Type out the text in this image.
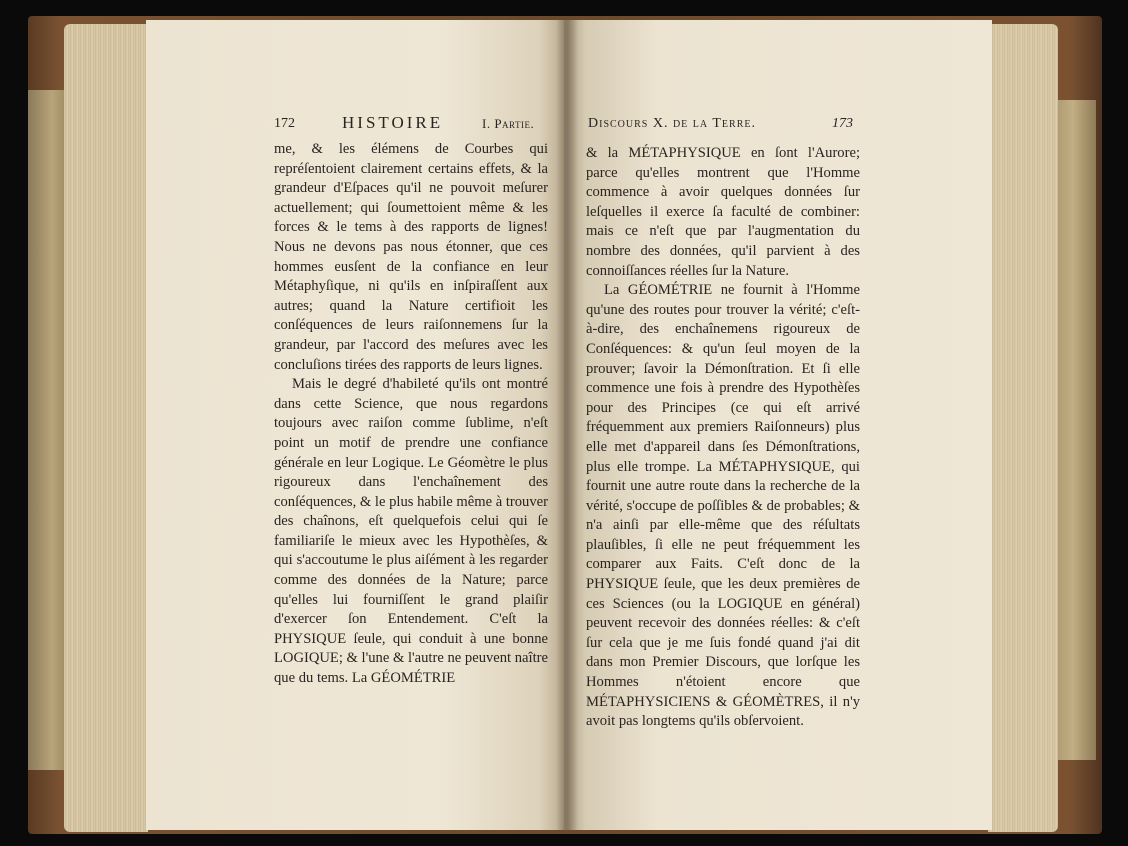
172	HISTOIRE	I. Partie.

me, & les élémens de Courbes qui repréſentoient clairement certains effets, & la grandeur d'Eſpaces qu'il ne pouvoit meſurer actuellement; qui ſoumettoient même & les forces & le tems à des rapports de lignes! Nous ne devons pas nous étonner, que ces hommes eusſent de la confiance en leur Métaphyſique, ni qu'ils en inſpiraſſent aux autres; quand la Nature certifioit les conſéquences de leurs raiſonnemens ſur la grandeur, par l'accord des meſures avec les concluſions tirées des rapports de leurs lignes.

Mais le degré d'habileté qu'ils ont montré dans cette Science, que nous regardons toujours avec raiſon comme ſublime, n'eſt point un motif de prendre une confiance générale en leur Logique. Le Géomètre le plus rigoureux dans l'enchaînement des conſéquences, & le plus habile même à trouver des chaînons, eſt quelquefois celui qui ſe familiariſe le mieux avec les Hypothèſes, & qui s'accoutume le plus aiſément à les regarder comme des données de la Nature; parce qu'elles lui fourniſſent le grand plaiſir d'exercer ſon Entendement. C'eſt la PHYSIQUE ſeule, qui conduit à une bonne LOGIQUE; & l'une & l'autre ne peuvent naître que du tems. La GÉOMÉTRIE

Discours X. de la Terre.	173

& la MÉTAPHYSIQUE en ſont l'Aurore; parce qu'elles montrent que l'Homme commence à avoir quelques données ſur leſquelles il exerce ſa faculté de combiner: mais ce n'eſt que par l'augmentation du nombre des données, qu'il parvient à des connoiſſances réelles ſur la Nature.

La GÉOMÉTRIE ne fournit à l'Homme qu'une des routes pour trouver la vérité; c'eſt-à-dire, des enchaînemens rigoureux de Conſéquences: & qu'un ſeul moyen de la prouver; ſavoir la Démonſtration. Et ſi elle commence une fois à prendre des Hypothèſes pour des Principes (ce qui eſt arrivé fréquemment aux premiers Raiſonneurs) plus elle met d'appareil dans ſes Démonſtrations, plus elle trompe. La MÉTAPHYSIQUE, qui fournit une autre route dans la recherche de la vérité, s'occupe de poſſibles & de probables; & n'a ainſi par elle-même que des réſultats plauſibles, ſi elle ne peut fréquemment les comparer aux Faits. C'eſt donc de la PHYSIQUE ſeule, que les deux premières de ces Sciences (ou la LOGIQUE en général) peuvent recevoir des données réelles: & c'eſt ſur cela que je me ſuis fondé quand j'ai dit dans mon Premier Discours, que lorſque les Hommes n'étoient encore que MÉTAPHYSICIENS & GÉOMÈTRES, il n'y avoit pas longtems qu'ils obſervoient.
